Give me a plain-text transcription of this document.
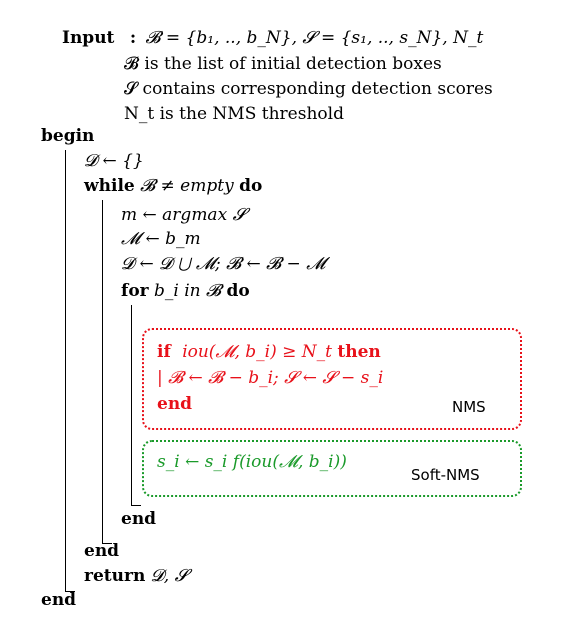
Input : 𝓑 = {b₁, .., b_N}, 𝓢 = {s₁, .., s_N}, N_t
𝓑 is the list of initial detection boxes
𝓢 contains corresponding detection scores
N_t is the NMS threshold
begin
𝓓 ← {}
while 𝓑 ≠ empty do
m ← argmax 𝓢
𝓜 ← b_m
𝓓 ← 𝓓 ⋃ 𝓜; 𝓑 ← 𝓑 − 𝓜
for b_i in 𝓑 do
if iou(𝓜, b_i) ≥ N_t then
| 𝓑 ← 𝓑 − b_i; 𝓢 ← 𝓢 − s_i
end	NMS
s_i ← s_i f(iou(𝓜, b_i))
Soft-NMS
end
end
return 𝓓, 𝓢
end
